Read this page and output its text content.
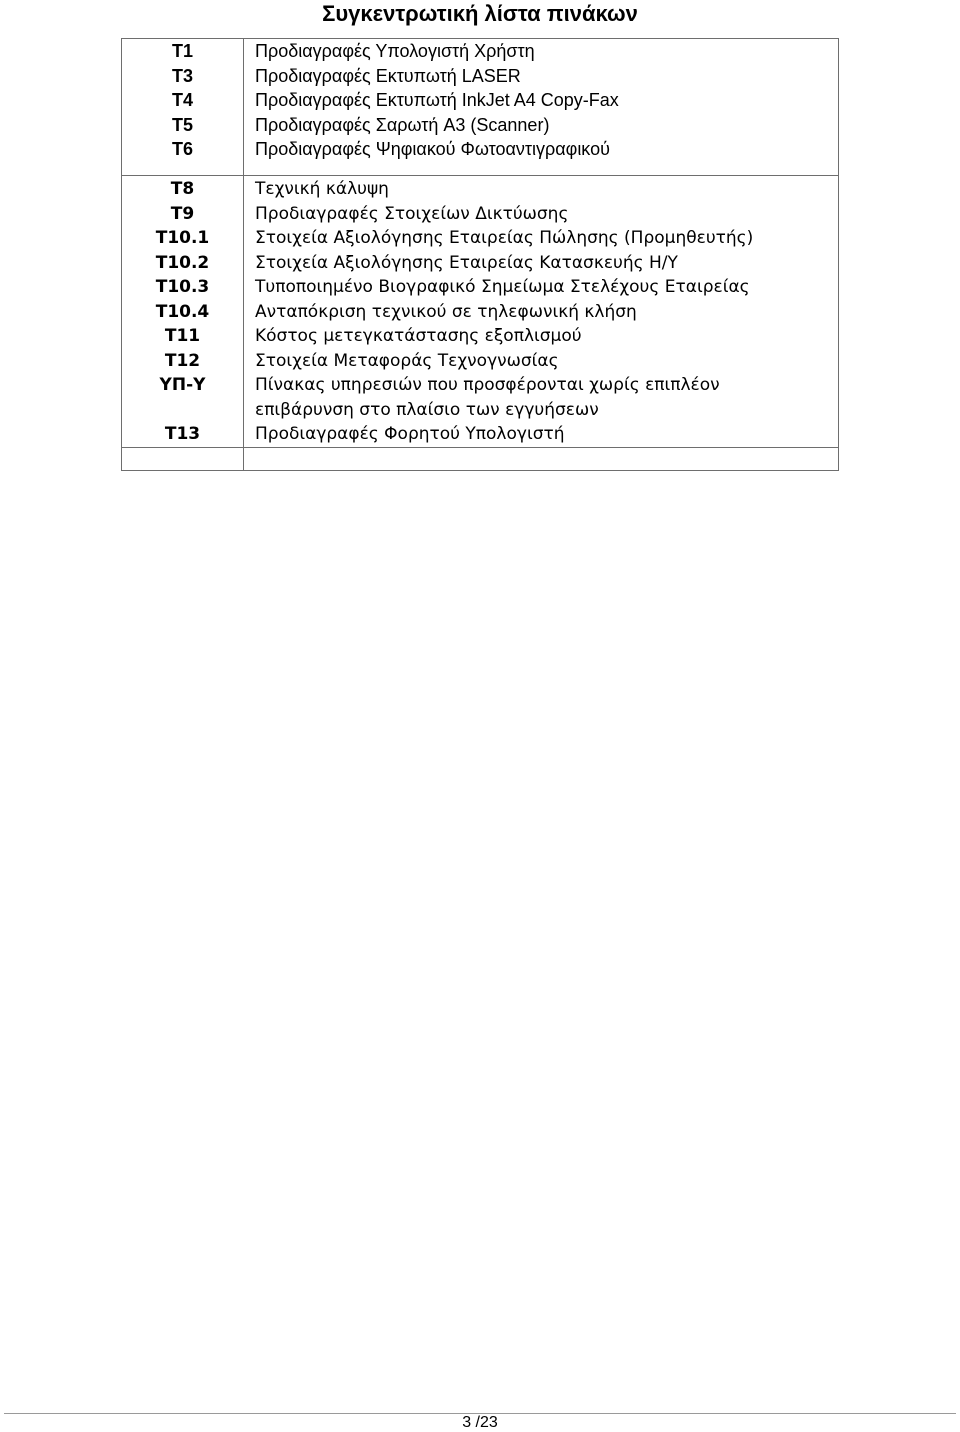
Συγκεντρωτική λίστα πινάκων
Τ1	Προδιαγραφές Υπολογιστή Χρήστη
Τ3	Προδιαγραφές Εκτυπωτή LASER
Τ4	Προδιαγραφές Εκτυπωτή InkJet A4 Copy-Fax
Τ5	Προδιαγραφές Σαρωτή A3 (Scanner)
Τ6	Προδιαγραφές Ψηφιακού Φωτοαντιγραφικού
Τ8	Τεχνική κάλυψη
Τ9	Προδιαγραφές Στοιχείων Δικτύωσης
Τ10.1	Στοιχεία Αξιολόγησης Εταιρείας Πώλησης (Προμηθευτής)
Τ10.2	Στοιχεία Αξιολόγησης Εταιρείας Κατασκευής Η/Υ
Τ10.3	Τυποποιημένο Βιογραφικό Σημείωμα Στελέχους Εταιρείας
Τ10.4	Ανταπόκριση τεχνικού σε τηλεφωνική κλήση
Τ11	Κόστος μετεγκατάστασης εξοπλισμού
Τ12	Στοιχεία Μεταφοράς Τεχνογνωσίας
ΥΠ-Υ	Πίνακας υπηρεσιών που προσφέρονται χωρίς επιπλέον επιβάρυνση στο πλαίσιο των εγγυήσεων
Τ13	Προδιαγραφές Φορητού Υπολογιστή
3 /23
